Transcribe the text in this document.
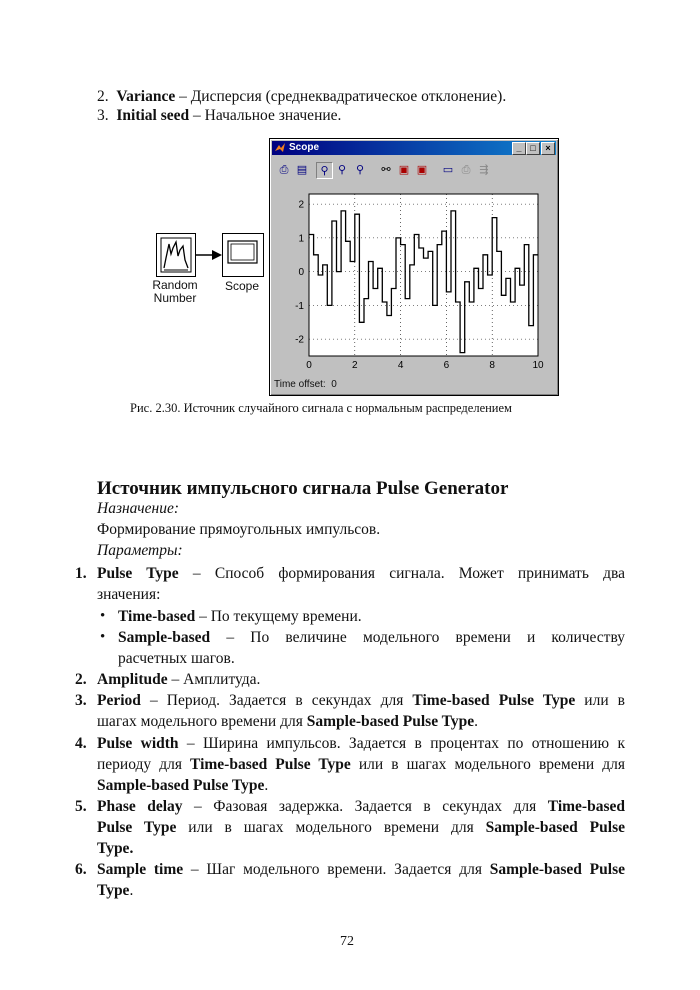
2. Variance – Дисперсия (среднеквадратическое отклонение).
3. Initial seed – Начальное значение.
Random
Number
Scope
Scope	_ □	×
⎙ ▤	⚲ ⚲ ⚲	⚯ ▣ ▣ ▭ ⎙ ⇶
0	2	4	6	8	10
-2
-1
0
1
2
Time offset: 0
Рис. 2.30. Источник случайного сигнала с нормальным распределением
Источник импульсного сигнала Pulse Generator
Назначение:
Формирование прямоугольных импульсов.
Параметры:
1. Pulse Type – Способ формирования сигнала. Может принимать два
значения:
• Time-based – По текущему времени.
• Sample-based – По величине модельного времени и количеству
расчетных шагов.
2. Amplitude – Амплитуда.
3. Period – Период. Задается в секундах для Time-based Pulse Type или в
шагах модельного времени для Sample-based Pulse Type.
4. Pulse width – Ширина импульсов. Задается в процентах по отношению к
периоду для Time-based Pulse Type или в шагах модельного времени для
Sample-based Pulse Type.
5. Phase delay – Фазовая задержка. Задается в секундах для Time-based
Pulse Type или в шагах модельного времени для Sample-based Pulse
Type.
6. Sample time – Шаг модельного времени. Задается для Sample-based Pulse
Type.
72
